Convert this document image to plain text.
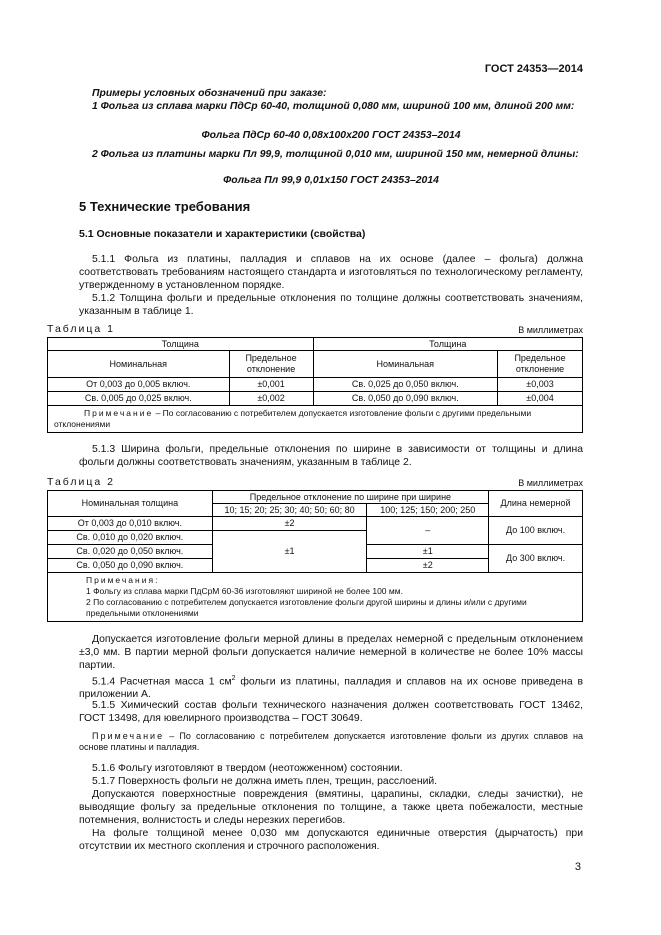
ГОСТ 24353—2014
Примеры условных обозначений при заказе:
1 Фольга из сплава марки ПдСр 60-40, толщиной 0,080 мм, шириной 100 мм, длиной 200 мм:
Фольга ПдСр 60-40 0,08x100x200 ГОСТ 24353–2014
2 Фольга из платины марки Пл 99,9, толщиной 0,010 мм, шириной 150 мм, немерной длины:
Фольга Пл 99,9 0,01x150 ГОСТ 24353–2014
5 Технические требования
5.1 Основные показатели и характеристики (свойства)
5.1.1 Фольга из платины, палладия и сплавов на их основе (далее – фольга) должна соответствовать требованиям настоящего стандарта и изготовляться по технологическому регламенту, утвержденному в установленном порядке.
5.1.2 Толщина фольги и предельные отклонения по толщине должны соответствовать значениям, указанным в таблице 1.
Таблица 1	В миллиметрах
Толщина		Толщина	
Номинальная	Предельное отклонение	Номинальная	Предельное отклонение
От 0,003 до 0,005 включ.	±0,001	Св. 0,025 до 0,050 включ.	±0,003
Св. 0,005 до 0,025 включ.	±0,002	Св. 0,050 до 0,090 включ.	±0,004
Примечание – По согласованию с потребителем допускается изготовление фольги с другими предельными отклонениями			
5.1.3 Ширина фольги, предельные отклонения по ширине в зависимости от толщины и длина фольги должны соответствовать значениям, указанным в таблице 2.
Таблица 2	В миллиметрах
Номинальная толщина	Предельное отклонение по ширине при ширине		Длина немерной
	10; 15; 20; 25; 30; 40; 50; 60; 80	100; 125; 150; 200; 250	
От 0,003 до 0,010 включ.	±2	–	До 100 включ.
Св. 0,010 до 0,020 включ.	±1		
Св. 0,020 до 0,050 включ.		±1	До 300 включ.
Св. 0,050 до 0,090 включ.		±2	

Примечания:
1 Фольгу из сплава марки ПдСрМ 60-36 изготовляют шириной не более 100 мм.
2 По согласованию с потребителем допускается изготовление фольги другой ширины и длины и/или с другими предельными отклонениями			
Допускается изготовление фольги мерной длины в пределах немерной с предельным отклонением ±3,0 мм. В партии мерной фольги допускается наличие немерной в количестве не более 10% массы партии.
5.1.4 Расчетная масса 1 $см^2$ фольги из платины, палладия и сплавов на их основе приведена в приложении А.
5.1.5 Химический состав фольги технического назначения должен соответствовать ГОСТ 13462, ГОСТ 13498, для ювелирного производства – ГОСТ 30649.
Примечание – По согласованию с потребителем допускается изготовление фольги из других сплавов на основе платины и палладия.
5.1.6 Фольгу изготовляют в твердом (неотожженном) состоянии.
5.1.7 Поверхность фольги не должна иметь плен, трещин, расслоений.
Допускаются поверхностные повреждения (вмятины, царапины, складки, следы зачистки), не выводящие фольгу за предельные отклонения по толщине, а также цвета побежалости, местные потемнения, волнистость и следы нерезких перегибов.
На фольге толщиной менее 0,030 мм допускаются единичные отверстия (дырчатость) при отсутствии их местного скопления и строчного расположения.
3
